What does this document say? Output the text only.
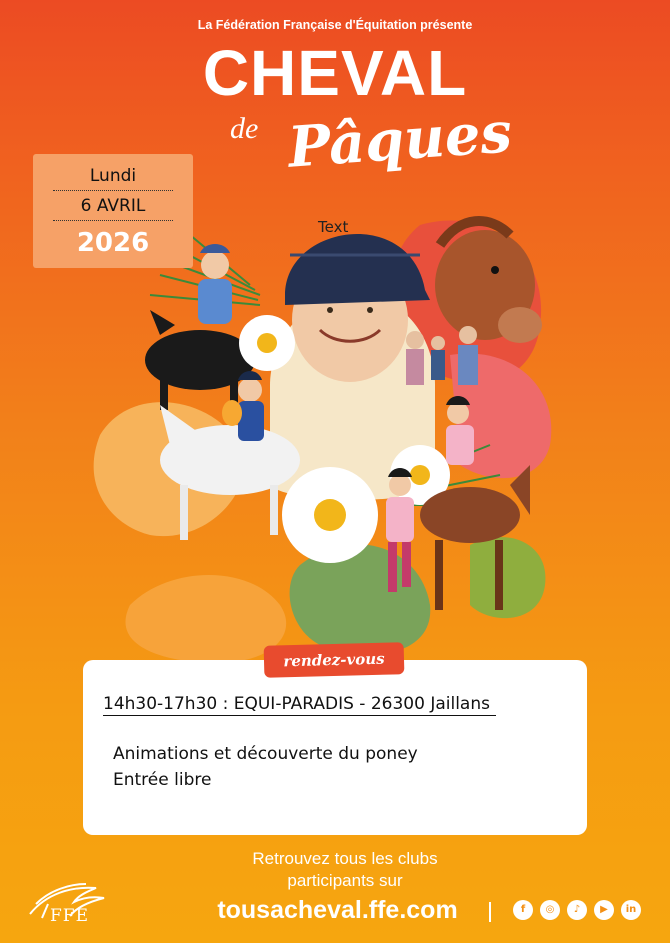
La Fédération Française d'Équitation présente
CHEVAL
de Pâques
Text
Lundi
6 AVRIL
2026
rendez-vous
14h30-17h30 : EQUI-PARADIS - 26300 Jaillans
Animations et découverte du poney
Entrée libre
FFE
Retrouvez tous les clubs
participants sur
tousacheval.ffe.com	f	◎	♪	▶	in
